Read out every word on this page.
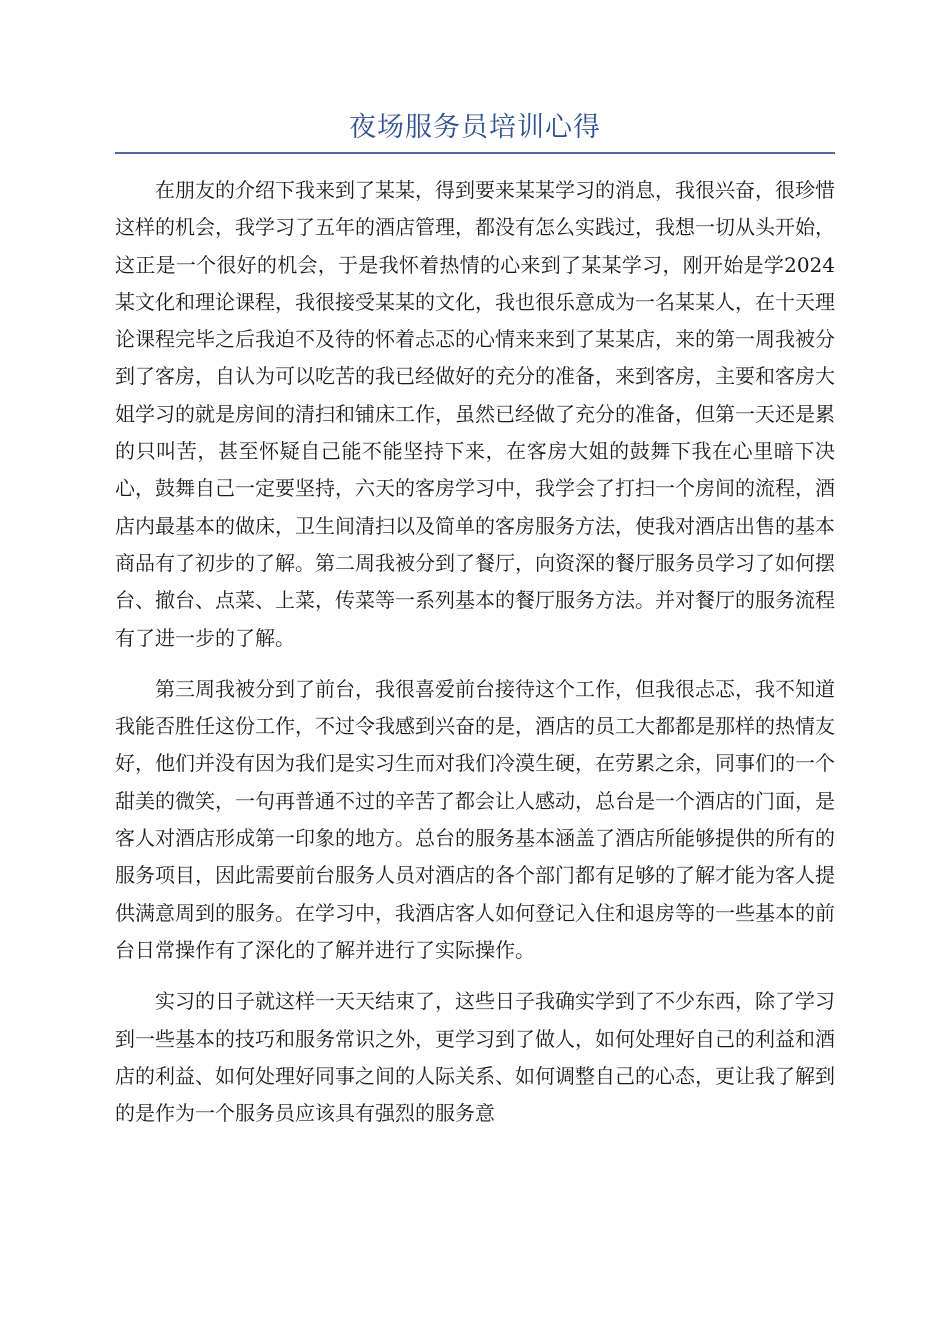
夜场服务员培训心得

在朋友的介绍下我来到了某某，得到要来某某学习的消息，我很兴奋，很珍惜这样的机会，我学习了五年的酒店管理，都没有怎么实践过，我想一切从头开始，这正是一个很好的机会，于是我怀着热情的心来到了某某学习，刚开始是学2024某文化和理论课程，我很接受某某的文化，我也很乐意成为一名某某人，在十天理论课程完毕之后我迫不及待的怀着忐忑的心情来来到了某某店，来的第一周我被分到了客房，自认为可以吃苦的我已经做好的充分的准备，来到客房，主要和客房大姐学习的就是房间的清扫和铺床工作，虽然已经做了充分的准备，但第一天还是累的只叫苦，甚至怀疑自己能不能坚持下来，在客房大姐的鼓舞下我在心里暗下决心，鼓舞自己一定要坚持，六天的客房学习中，我学会了打扫一个房间的流程，酒店内最基本的做床，卫生间清扫以及简单的客房服务方法，使我对酒店出售的基本商品有了初步的了解。第二周我被分到了餐厅，向资深的餐厅服务员学习了如何摆台、撤台、点菜、上菜，传菜等一系列基本的餐厅服务方法。并对餐厅的服务流程有了进一步的了解。

第三周我被分到了前台，我很喜爱前台接待这个工作，但我很忐忑，我不知道我能否胜任这份工作，不过令我感到兴奋的是，酒店的员工大都都是那样的热情友好，他们并没有因为我们是实习生而对我们冷漠生硬，在劳累之余，同事们的一个甜美的微笑，一句再普通不过的辛苦了都会让人感动，总台是一个酒店的门面，是客人对酒店形成第一印象的地方。总台的服务基本涵盖了酒店所能够提供的所有的服务项目，因此需要前台服务人员对酒店的各个部门都有足够的了解才能为客人提供满意周到的服务。在学习中，我酒店客人如何登记入住和退房等的一些基本的前台日常操作有了深化的了解并进行了实际操作。

实习的日子就这样一天天结束了，这些日子我确实学到了不少东西，除了学习到一些基本的技巧和服务常识之外，更学习到了做人，如何处理好自己的利益和酒店的利益、如何处理好同事之间的人际关系、如何调整自己的心态，更让我了解到的是作为一个服务员应该具有强烈的服务意
